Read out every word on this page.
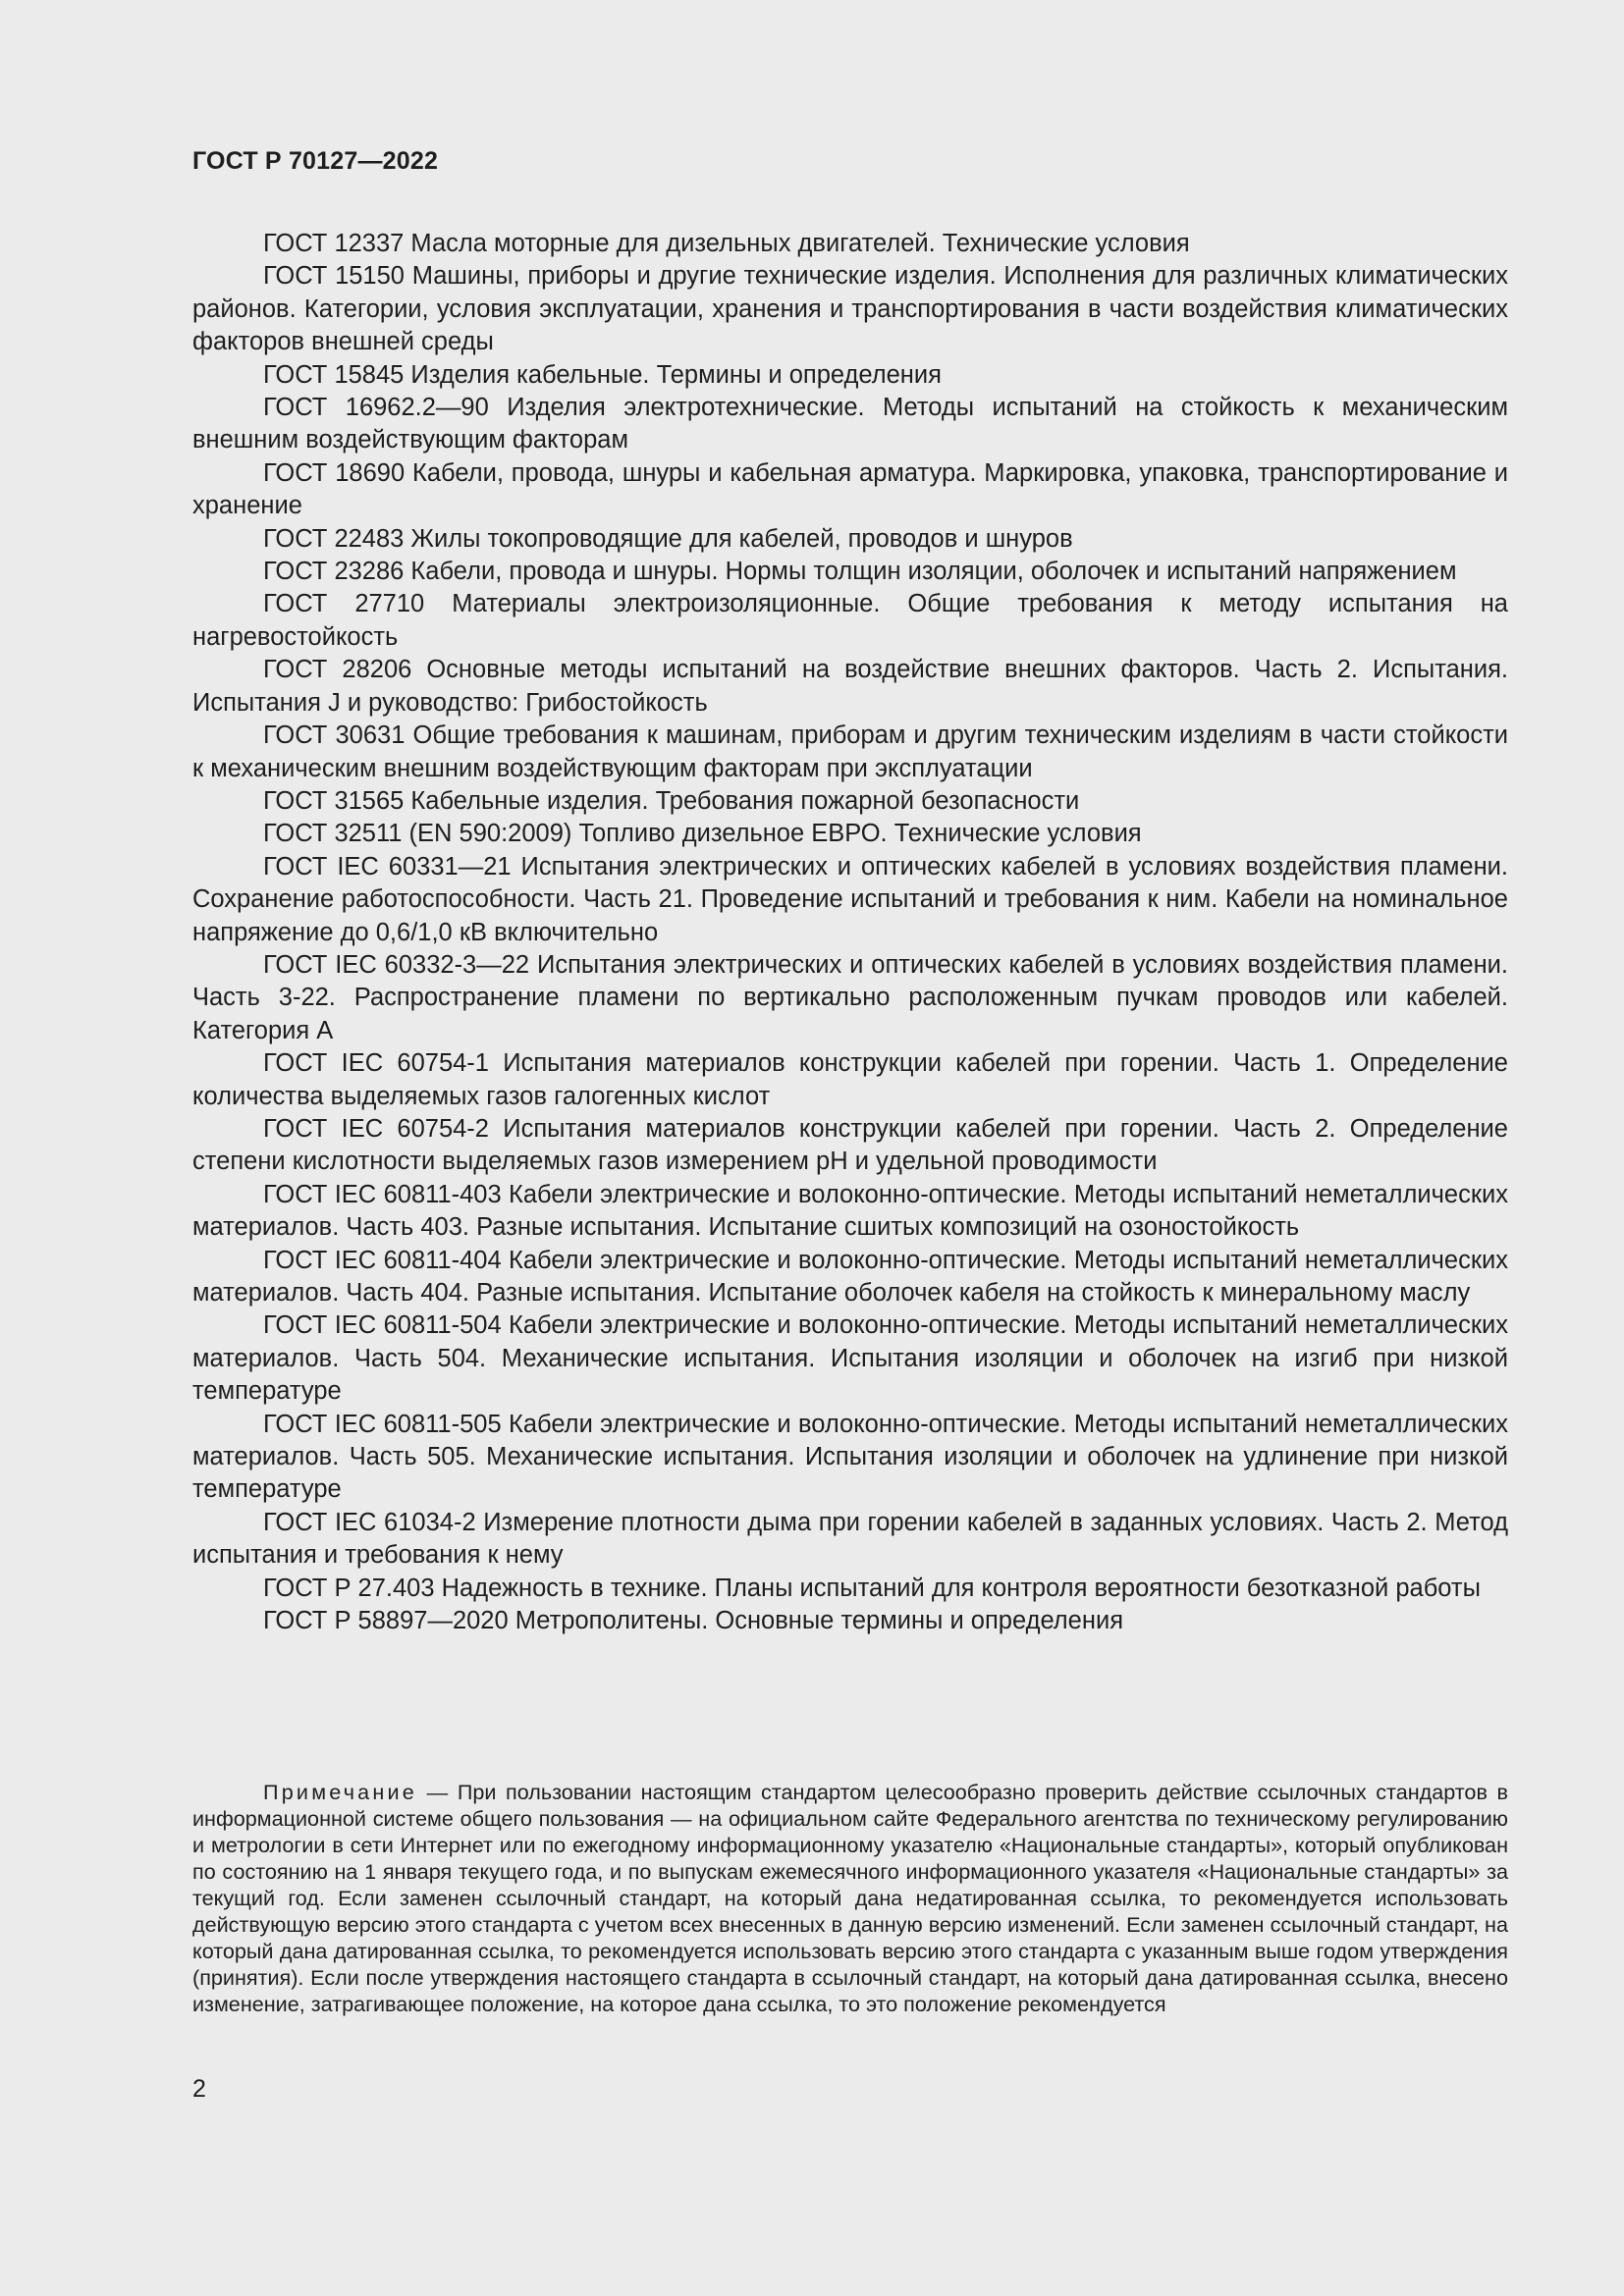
ГОСТ Р 70127—2022

ГОСТ 12337 Масла моторные для дизельных двигателей. Технические условия

ГОСТ 15150 Машины, приборы и другие технические изделия. Исполнения для различных климатических районов. Категории, условия эксплуатации, хранения и транспортирования в части воздействия климатических факторов внешней среды

ГОСТ 15845 Изделия кабельные. Термины и определения

ГОСТ 16962.2—90 Изделия электротехнические. Методы испытаний на стойкость к механическим внешним воздействующим факторам

ГОСТ 18690 Кабели, провода, шнуры и кабельная арматура. Маркировка, упаковка, транспортирование и хранение

ГОСТ 22483 Жилы токопроводящие для кабелей, проводов и шнуров

ГОСТ 23286 Кабели, провода и шнуры. Нормы толщин изоляции, оболочек и испытаний напряжением

ГОСТ 27710 Материалы электроизоляционные. Общие требования к методу испытания на нагревостойкость

ГОСТ 28206 Основные методы испытаний на воздействие внешних факторов. Часть 2. Испытания. Испытания J и руководство: Грибостойкость

ГОСТ 30631 Общие требования к машинам, приборам и другим техническим изделиям в части стойкости к механическим внешним воздействующим факторам при эксплуатации

ГОСТ 31565 Кабельные изделия. Требования пожарной безопасности

ГОСТ 32511 (EN 590:2009) Топливо дизельное ЕВРО. Технические условия

ГОСТ IEC 60331—21 Испытания электрических и оптических кабелей в условиях воздействия пламени. Сохранение работоспособности. Часть 21. Проведение испытаний и требования к ним. Кабели на номинальное напряжение до 0,6/1,0 кВ включительно

ГОСТ IEC 60332-3—22 Испытания электрических и оптических кабелей в условиях воздействия пламени. Часть 3-22. Распространение пламени по вертикально расположенным пучкам проводов или кабелей. Категория А

ГОСТ IEC 60754-1 Испытания материалов конструкции кабелей при горении. Часть 1. Определение количества выделяемых газов галогенных кислот

ГОСТ IEC 60754-2 Испытания материалов конструкции кабелей при горении. Часть 2. Определение степени кислотности выделяемых газов измерением pH и удельной проводимости

ГОСТ IEC 60811-403 Кабели электрические и волоконно-оптические. Методы испытаний неметаллических материалов. Часть 403. Разные испытания. Испытание сшитых композиций на озоностойкость

ГОСТ IEC 60811-404 Кабели электрические и волоконно-оптические. Методы испытаний неметаллических материалов. Часть 404. Разные испытания. Испытание оболочек кабеля на стойкость к минеральному маслу

ГОСТ IEC 60811-504 Кабели электрические и волоконно-оптические. Методы испытаний неметаллических материалов. Часть 504. Механические испытания. Испытания изоляции и оболочек на изгиб при низкой температуре

ГОСТ IEC 60811-505 Кабели электрические и волоконно-оптические. Методы испытаний неметаллических материалов. Часть 505. Механические испытания. Испытания изоляции и оболочек на удлинение при низкой температуре

ГОСТ IEC 61034-2 Измерение плотности дыма при горении кабелей в заданных условиях. Часть 2. Метод испытания и требования к нему

ГОСТ Р 27.403 Надежность в технике. Планы испытаний для контроля вероятности безотказной работы

ГОСТ Р 58897—2020 Метрополитены. Основные термины и определения

Примечание — При пользовании настоящим стандартом целесообразно проверить действие ссылочных стандартов в информационной системе общего пользования — на официальном сайте Федерального агентства по техническому регулированию и метрологии в сети Интернет или по ежегодному информационному указателю «Национальные стандарты», который опубликован по состоянию на 1 января текущего года, и по выпускам ежемесячного информационного указателя «Национальные стандарты» за текущий год. Если заменен ссылочный стандарт, на который дана недатированная ссылка, то рекомендуется использовать действующую версию этого стандарта с учетом всех внесенных в данную версию изменений. Если заменен ссылочный стандарт, на который дана датированная ссылка, то рекомендуется использовать версию этого стандарта с указанным выше годом утверждения (принятия). Если после утверждения настоящего стандарта в ссылочный стандарт, на который дана датированная ссылка, внесено изменение, затрагивающее положение, на которое дана ссылка, то это положение рекомендуется
2
